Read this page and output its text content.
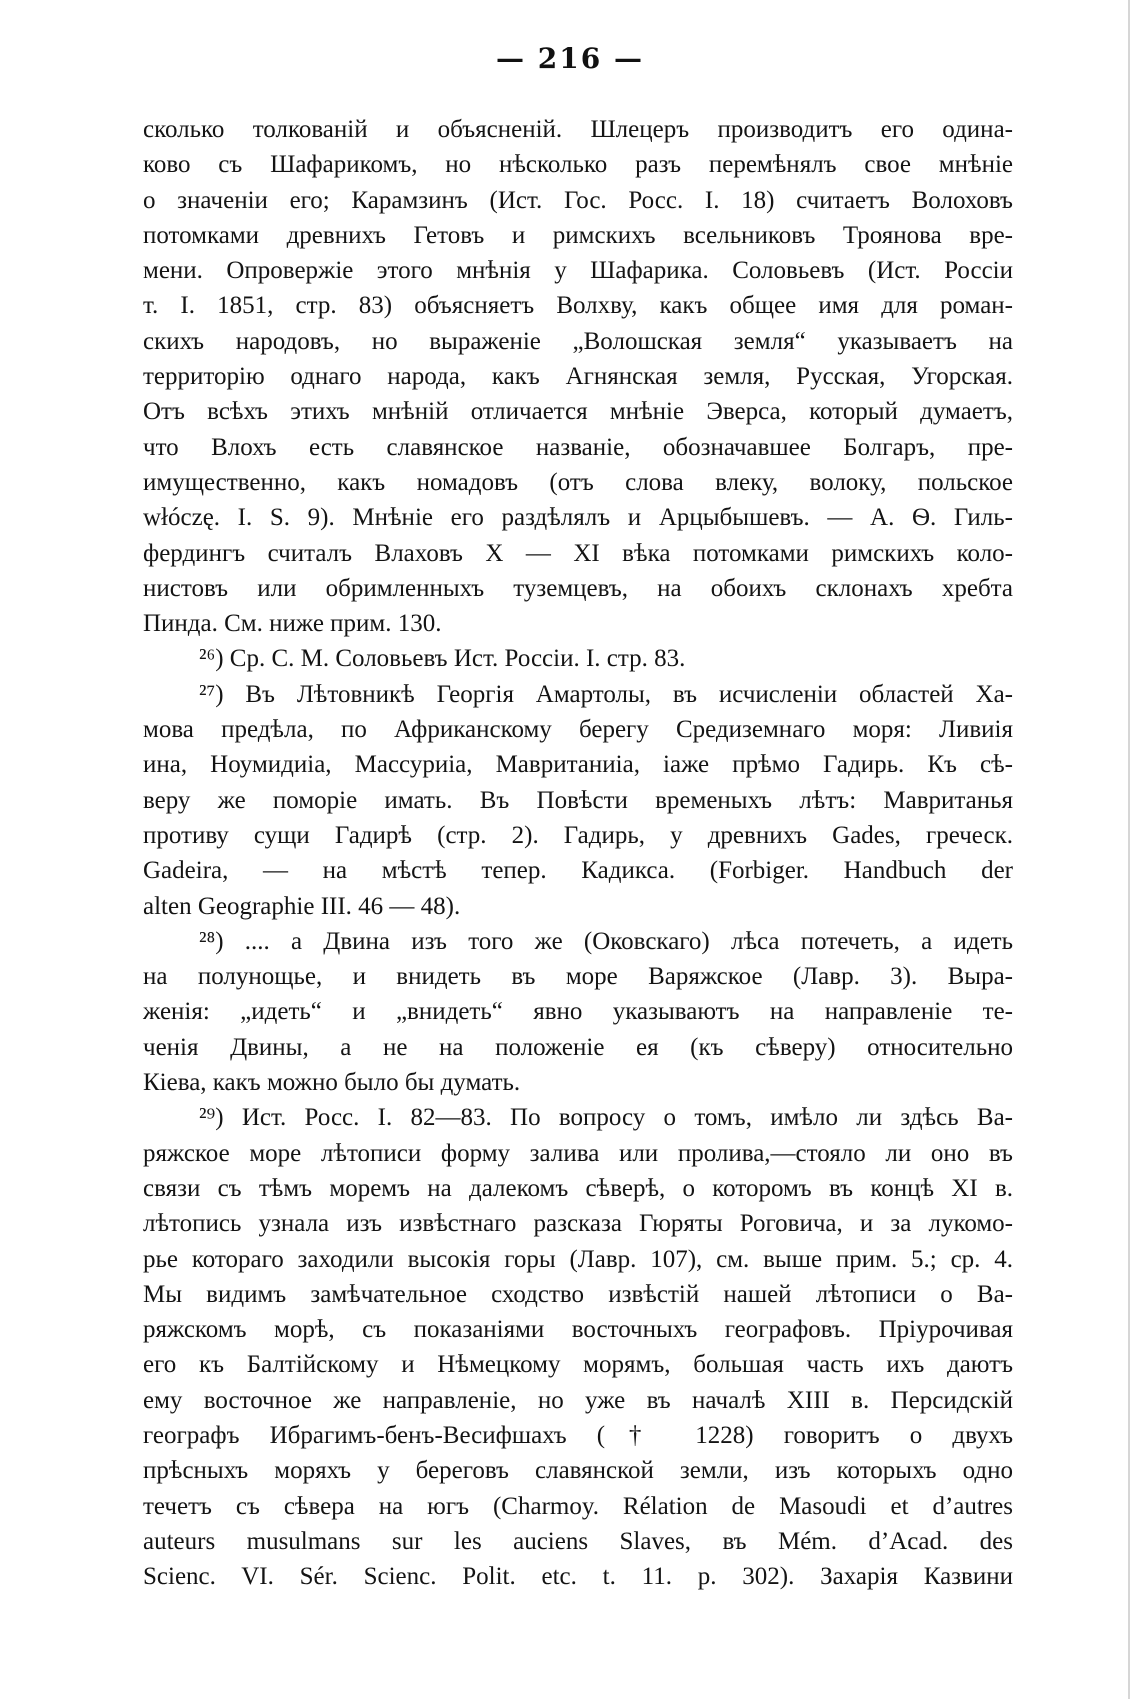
— 216 —
сколько толкованій и объясненій. Шлецеръ производитъ его одина-
ково съ Шафарикомъ, но нѣсколько разъ перемѣнялъ свое мнѣніе
о значеніи его; Карамзинъ (Ист. Гос. Росс. I. 18) считаетъ Волоховъ
потомками древнихъ Гетовъ и римскихъ всельниковъ Троянова вре-
мени. Опровержіе этого мнѣнія у Шафарика. Соловьевъ (Ист. Россіи
т. I. 1851, стр. 83) объясняетъ Волхву, какъ общее имя для роман-
скихъ народовъ, но выраженіе „Волошская земля“ указываетъ на
территорію однаго народа, какъ Агнянская земля, Русская, Угорская.
Отъ всѣхъ этихъ мнѣній отличается мнѣніе Эверса, который думаетъ,
что Влохъ есть славянское названіе, обозначавшее Болгаръ, пре-
имущественно, какъ номадовъ (отъ слова влеку, волоку, польское
włóczę. I. S. 9). Мнѣніе его раздѣлялъ и Арцыбышевъ. — А. Ѳ. Гиль-
фердингъ считалъ Влаховъ X — XI вѣка потомками римскихъ коло-
нистовъ или обримленныхъ туземцевъ, на обоихъ склонахъ хребта
Пинда. См. ниже прим. 130.
²⁶) Ср. С. М. Соловьевъ Ист. Россіи. I. стр. 83.
²⁷) Въ Лѣтовникѣ Георгія Амартолы, въ исчисленіи областей Ха-
мова предѣла, по Африканскому берегу Средиземнаго моря: Ливиія
ина, Ноумидиіа, Массуриіа, Мавританиіа, іаже прѣмо Гадирь. Къ сѣ-
веру же поморіе имать. Въ Повѣсти временыхъ лѣтъ: Мавританья
противу сущи Гадирѣ (стр. 2). Гадирь, у древнихъ Gades, греческ.
Gadeira, — на мѣстѣ тепер. Кадикса. (Forbiger. Handbuch der
alten Geographie III. 46 — 48).
²⁸) .... а Двина изъ того же (Оковскаго) лѣса потечеть, а идеть
на полунощье, и внидеть въ море Варяжское (Лавр. 3). Выра-
женія: „идеть“ и „внидеть“ явно указываютъ на направленіе те-
ченія Двины, а не на положеніе ея (къ сѣверу) относительно
Кіева, какъ можно было бы думать.
²⁹) Ист. Росс. I. 82—83. По вопросу о томъ, имѣло ли здѣсь Ва-
ряжское море лѣтописи форму залива или пролива,—стояло ли оно въ
связи съ тѣмъ моремъ на далекомъ сѣверѣ, о которомъ въ концѣ XI в.
лѣтопись узнала изъ извѣстнаго разсказа Гюряты Роговича, и за лукомо-
рье котораго заходили высокія горы (Лавр. 107), см. выше прим. 5.; ср. 4.
Мы видимъ замѣчательное сходство извѣстій нашей лѣтописи о Ва-
ряжскомъ морѣ, съ показаніями восточныхъ географовъ. Пріурочивая
его къ Балтійскому и Нѣмецкому морямъ, большая часть ихъ даютъ
ему восточное же направленіе, но уже въ началѣ XIII в. Персидскій
географъ Ибрагимъ-бенъ-Весифшахъ († 1228) говоритъ о двухъ
прѣсныхъ моряхъ у береговъ славянской земли, изъ которыхъ одно
течетъ съ сѣвера на югъ (Charmoy. Rélation de Masoudi et d’autres
auteurs musulmans sur les auciens Slaves, въ Mém. d’Acad. des
Scienc. VI. Sér. Scienc. Polit. etc. t. 11. p. 302). Захарія Казвини
